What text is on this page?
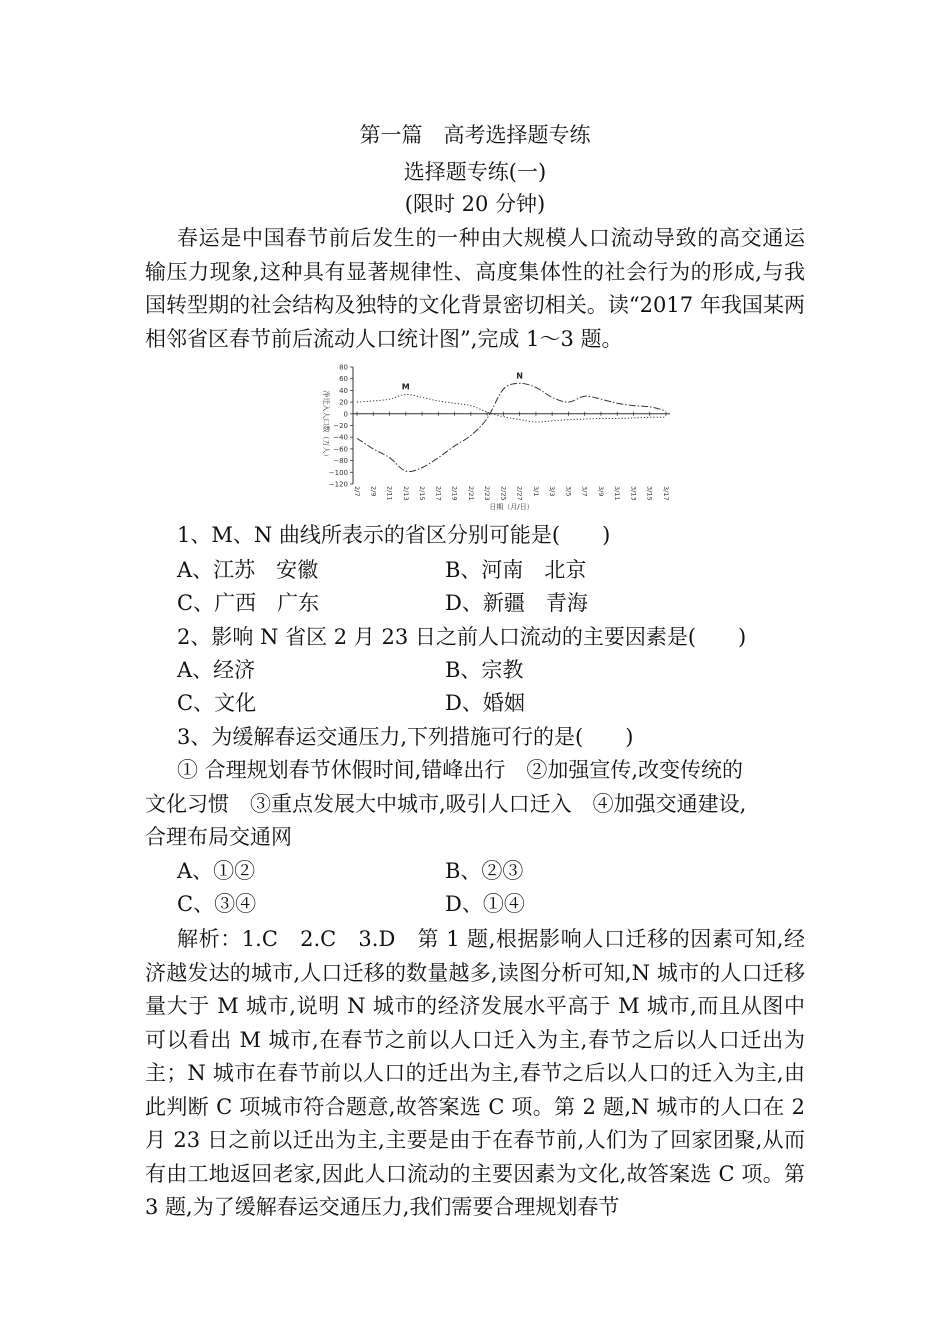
第一篇　高考选择题专练
选择题专练(一)
(限时 20 分钟)
春运是中国春节前后发生的一种由大规模人口流动导致的高交通运输压力现象,这种具有显著规律性、高度集体性的社会行为的形成,与我国转型期的社会结构及独特的文化背景密切相关。读“2017 年我国某两相邻省区春节前后流动人口统计图”,完成 1～3 题。
80
60
40
20
0
−20
−40
−60
−80
−100
−120
净迁入人口数（万人）
2/7 2/9 2/11 2/13 2/15 2/17 2/19 2/21 2/23 2/25 2/27 3/1 3/3 3/5 3/7 3/9 3/11 3/13 3/15 3/17
日期（月/日）
M
N
1、M、N 曲线所表示的省区分别可能是(　　)
A、江苏　安徽	B、河南　北京
C、广西　广东	D、新疆　青海
2、影响 N 省区 2 月 23 日之前人口流动的主要因素是(　　)
A、经济	B、宗教
C、文化	D、婚姻
3、为缓解春运交通压力,下列措施可行的是(　　)
① 合理规划春节休假时间,错峰出行　②加强宣传,改变传统的
文化习惯　③重点发展大中城市,吸引人口迁入　④加强交通建设,
合理布局交通网
A、①②	B、②③
C、③④	D、①④
解析：1.C　2.C　3.D　第 1 题,根据影响人口迁移的因素可知,经济越发达的城市,人口迁移的数量越多,读图分析可知,N 城市的人口迁移量大于 M 城市,说明 N 城市的经济发展水平高于 M 城市,而且从图中可以看出 M 城市,在春节之前以人口迁入为主,春节之后以人口迁出为主；N 城市在春节前以人口的迁出为主,春节之后以人口的迁入为主,由此判断 C 项城市符合题意,故答案选 C 项。第 2 题,N 城市的人口在 2 月 23 日之前以迁出为主,主要是由于在春节前,人们为了回家团聚,从而有由工地返回老家,因此人口流动的主要因素为文化,故答案选 C 项。第 3 题,为了缓解春运交通压力,我们需要合理规划春节
